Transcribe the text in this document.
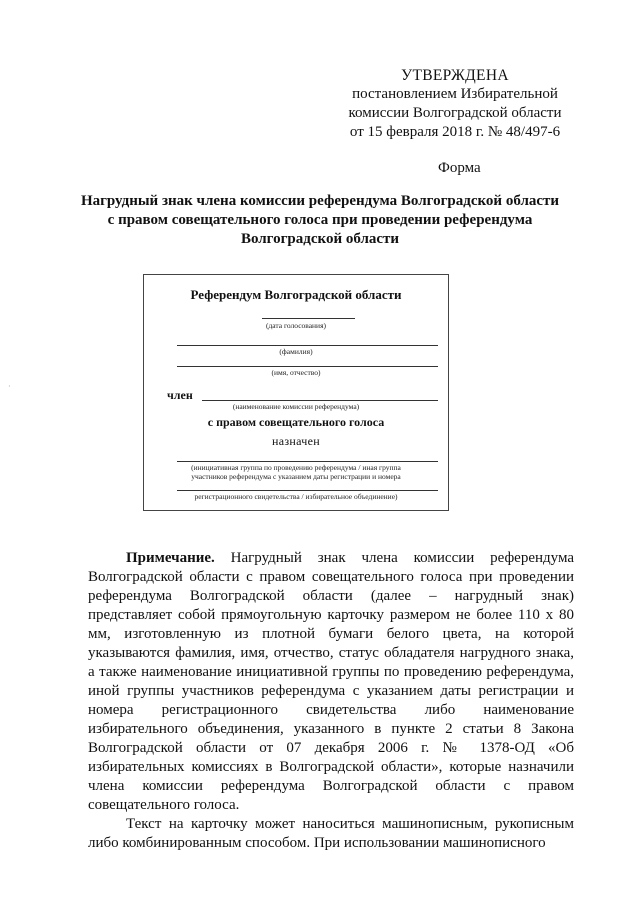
УТВЕРЖДЕНА
постановлением Избирательной
комиссии Волгоградской области
от 15 февраля 2018 г. № 48/497-6
Форма
Нагрудный знак члена комиссии референдума Волгоградской области
с правом совещательного голоса при проведении референдума
Волгоградской области
Референдум Волгоградской области
(дата голосования)
(фамилия)
(имя, отчество)
член
(наименование комиссии референдума)
с правом совещательного голоса
назначен
(инициативная группа по проведению референдума / иная группа
участников референдума с указанием даты регистрации и номера
регистрационного свидетельства / избирательное объединение)
·

Примечание. Нагрудный знак члена комиссии референдума Волгоградской области с правом совещательного голоса при проведении референдума Волгоградской области (далее – нагрудный знак) представляет собой прямоугольную карточку размером не более 110 х 80 мм, изготовленную из плотной бумаги белого цвета, на которой указываются фамилия, имя, отчество, статус обладателя нагрудного знака, а также наименование инициативной группы по проведению референдума, иной группы участников референдума с указанием даты регистрации и номера регистрационного свидетельства либо наименование избирательного объединения, указанного в пункте 2 статьи 8 Закона Волгоградской области от 07 декабря 2006 г. № 1378-ОД «Об избирательных комиссиях в Волгоградской области», которые назначили члена комиссии референдума Волгоградской области с правом совещательного голоса.

Текст на карточку может наноситься машинописным, рукописным либо комбинированным способом. При использовании машинописного
